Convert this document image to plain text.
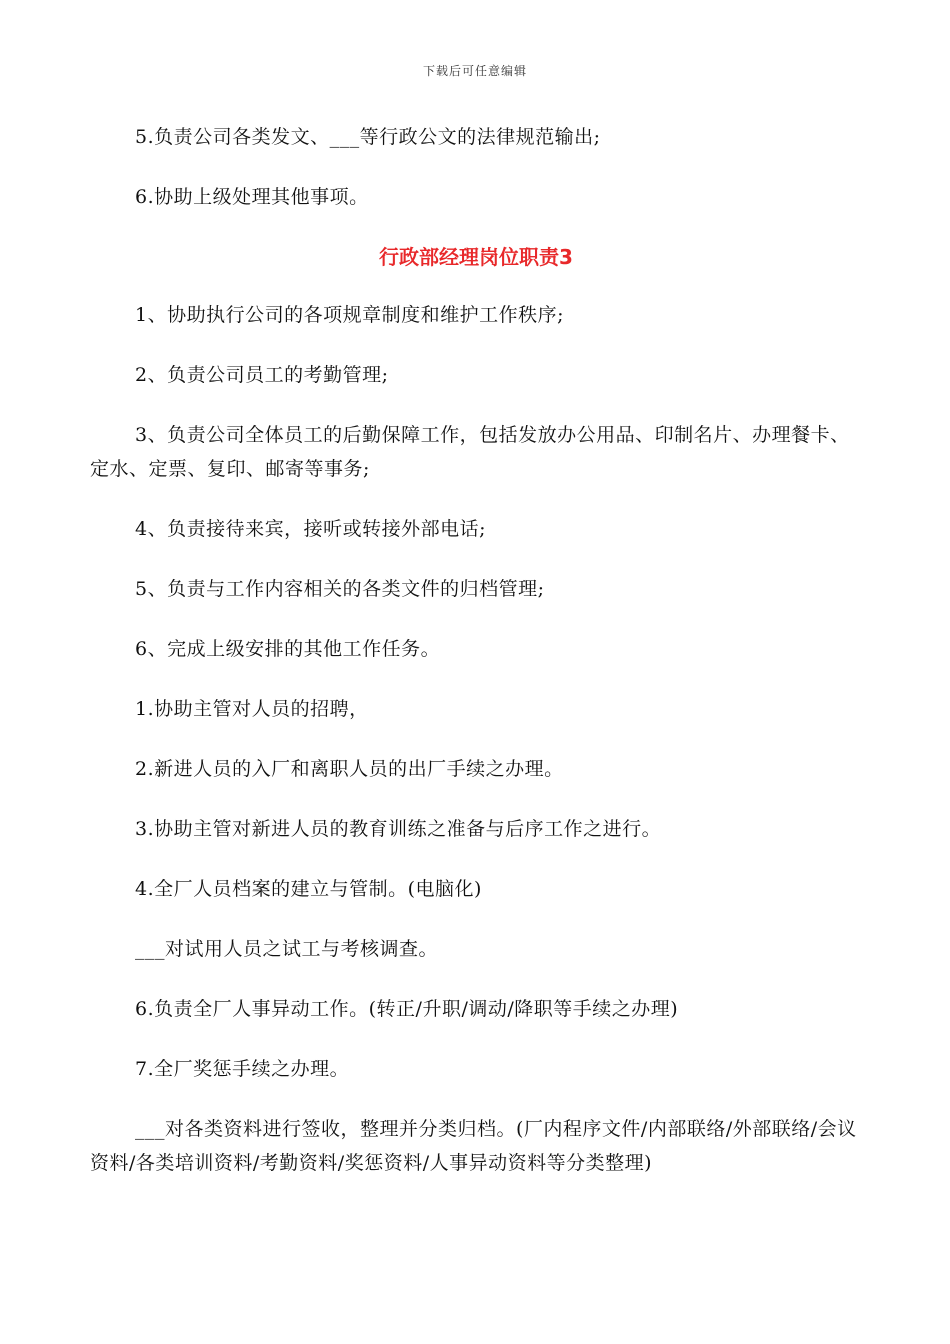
下载后可任意编辑

5.负责公司各类发文、___等行政公文的法律规范输出;

6.协助上级处理其他事项。

行政部经理岗位职责3

1、协助执行公司的各项规章制度和维护工作秩序;

2、负责公司员工的考勤管理;

3、负责公司全体员工的后勤保障工作，包括发放办公用品、印制名片、办理餐卡、定水、定票、复印、邮寄等事务;

4、负责接待来宾，接听或转接外部电话;

5、负责与工作内容相关的各类文件的归档管理;

6、完成上级安排的其他工作任务。

1.协助主管对人员的招聘，

2.新进人员的入厂和离职人员的出厂手续之办理。

3.协助主管对新进人员的教育训练之准备与后序工作之进行。

4.全厂人员档案的建立与管制。(电脑化)

___对试用人员之试工与考核调查。

6.负责全厂人事异动工作。(转正/升职/调动/降职等手续之办理)

7.全厂奖惩手续之办理。

___对各类资料进行签收，整理并分类归档。(厂内程序文件/内部联络/外部联络/会议资料/各类培训资料/考勤资料/奖惩资料/人事异动资料等分类整理)
